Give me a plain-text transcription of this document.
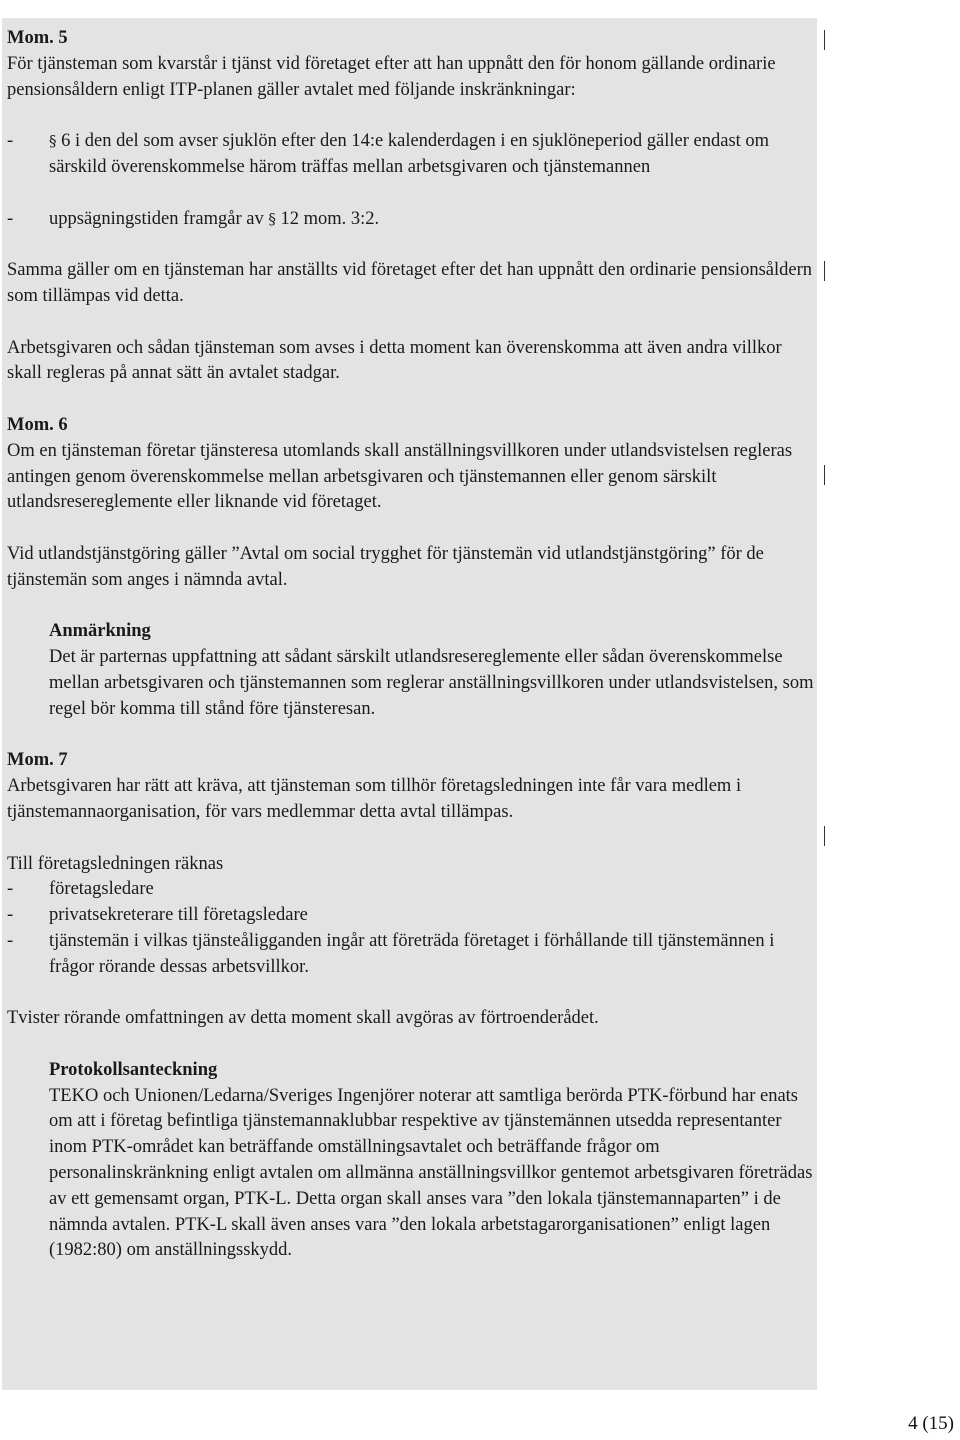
Mom. 5

För tjänsteman som kvarstår i tjänst vid företaget efter att han uppnått den för honom gällande ordinarie pensionsåldern enligt ITP-planen gäller avtalet med följande inskränkningar:

-	§ 6 i den del som avser sjuklön efter den 14:e kalenderdagen i en sjuklöneperiod gäller endast om särskild överenskommelse härom träffas mellan arbetsgivaren och tjänstemannen
-	uppsägningstiden framgår av § 12 mom. 3:2.

Samma gäller om en tjänsteman har anställts vid företaget efter det han uppnått den ordinarie pensionsåldern som tillämpas vid detta.

Arbetsgivaren och sådan tjänsteman som avses i detta moment kan överenskomma att även andra villkor skall regleras på annat sätt än avtalet stadgar.

Mom. 6

Om en tjänsteman företar tjänsteresa utomlands skall anställningsvillkoren under utlandsvistelsen regleras antingen genom överenskommelse mellan arbetsgivaren och tjänstemannen eller genom särskilt utlandsresereglemente eller liknande vid företaget.

Vid utlandstjänstgöring gäller ”Avtal om social trygghet för tjänstemän vid utlandstjänstgöring” för de tjänstemän som anges i nämnda avtal.

Anmärkning

Det är parternas uppfattning att sådant särskilt utlandsresereglemente eller sådan överenskommelse mellan arbetsgivaren och tjänstemannen som reglerar anställningsvillkoren under utlandsvistelsen, som regel bör komma till stånd före tjänsteresan.

Mom. 7

Arbetsgivaren har rätt att kräva, att tjänsteman som tillhör företagsledningen inte får vara medlem i tjänstemannaorganisation, för vars medlemmar detta avtal tillämpas.

Till företagsledningen räknas

-	företagsledare
-	privatsekreterare till företagsledare
-	tjänstemän i vilkas tjänsteåligganden ingår att företräda företaget i förhållande till tjänstemännen i frågor rörande dessas arbetsvillkor.

Tvister rörande omfattningen av detta moment skall avgöras av förtroenderådet.

Protokollsanteckning

TEKO och Unionen/Ledarna/Sveriges Ingenjörer noterar att samtliga berörda PTK-förbund har enats om att i företag befintliga tjänstemannaklubbar respektive av tjänstemännen utsedda representanter inom PTK-området kan beträffande omställningsavtalet och beträffande frågor om personalinskränkning enligt avtalen om allmänna anställningsvillkor gentemot arbetsgivaren företrädas av ett gemensamt organ, PTK-L. Detta organ skall anses vara ”den lokala tjänstemannaparten” i de nämnda avtalen. PTK-L skall även anses vara ”den lokala arbetstagarorganisationen” enligt lagen (1982:80) om anställningsskydd.

4 (15)
